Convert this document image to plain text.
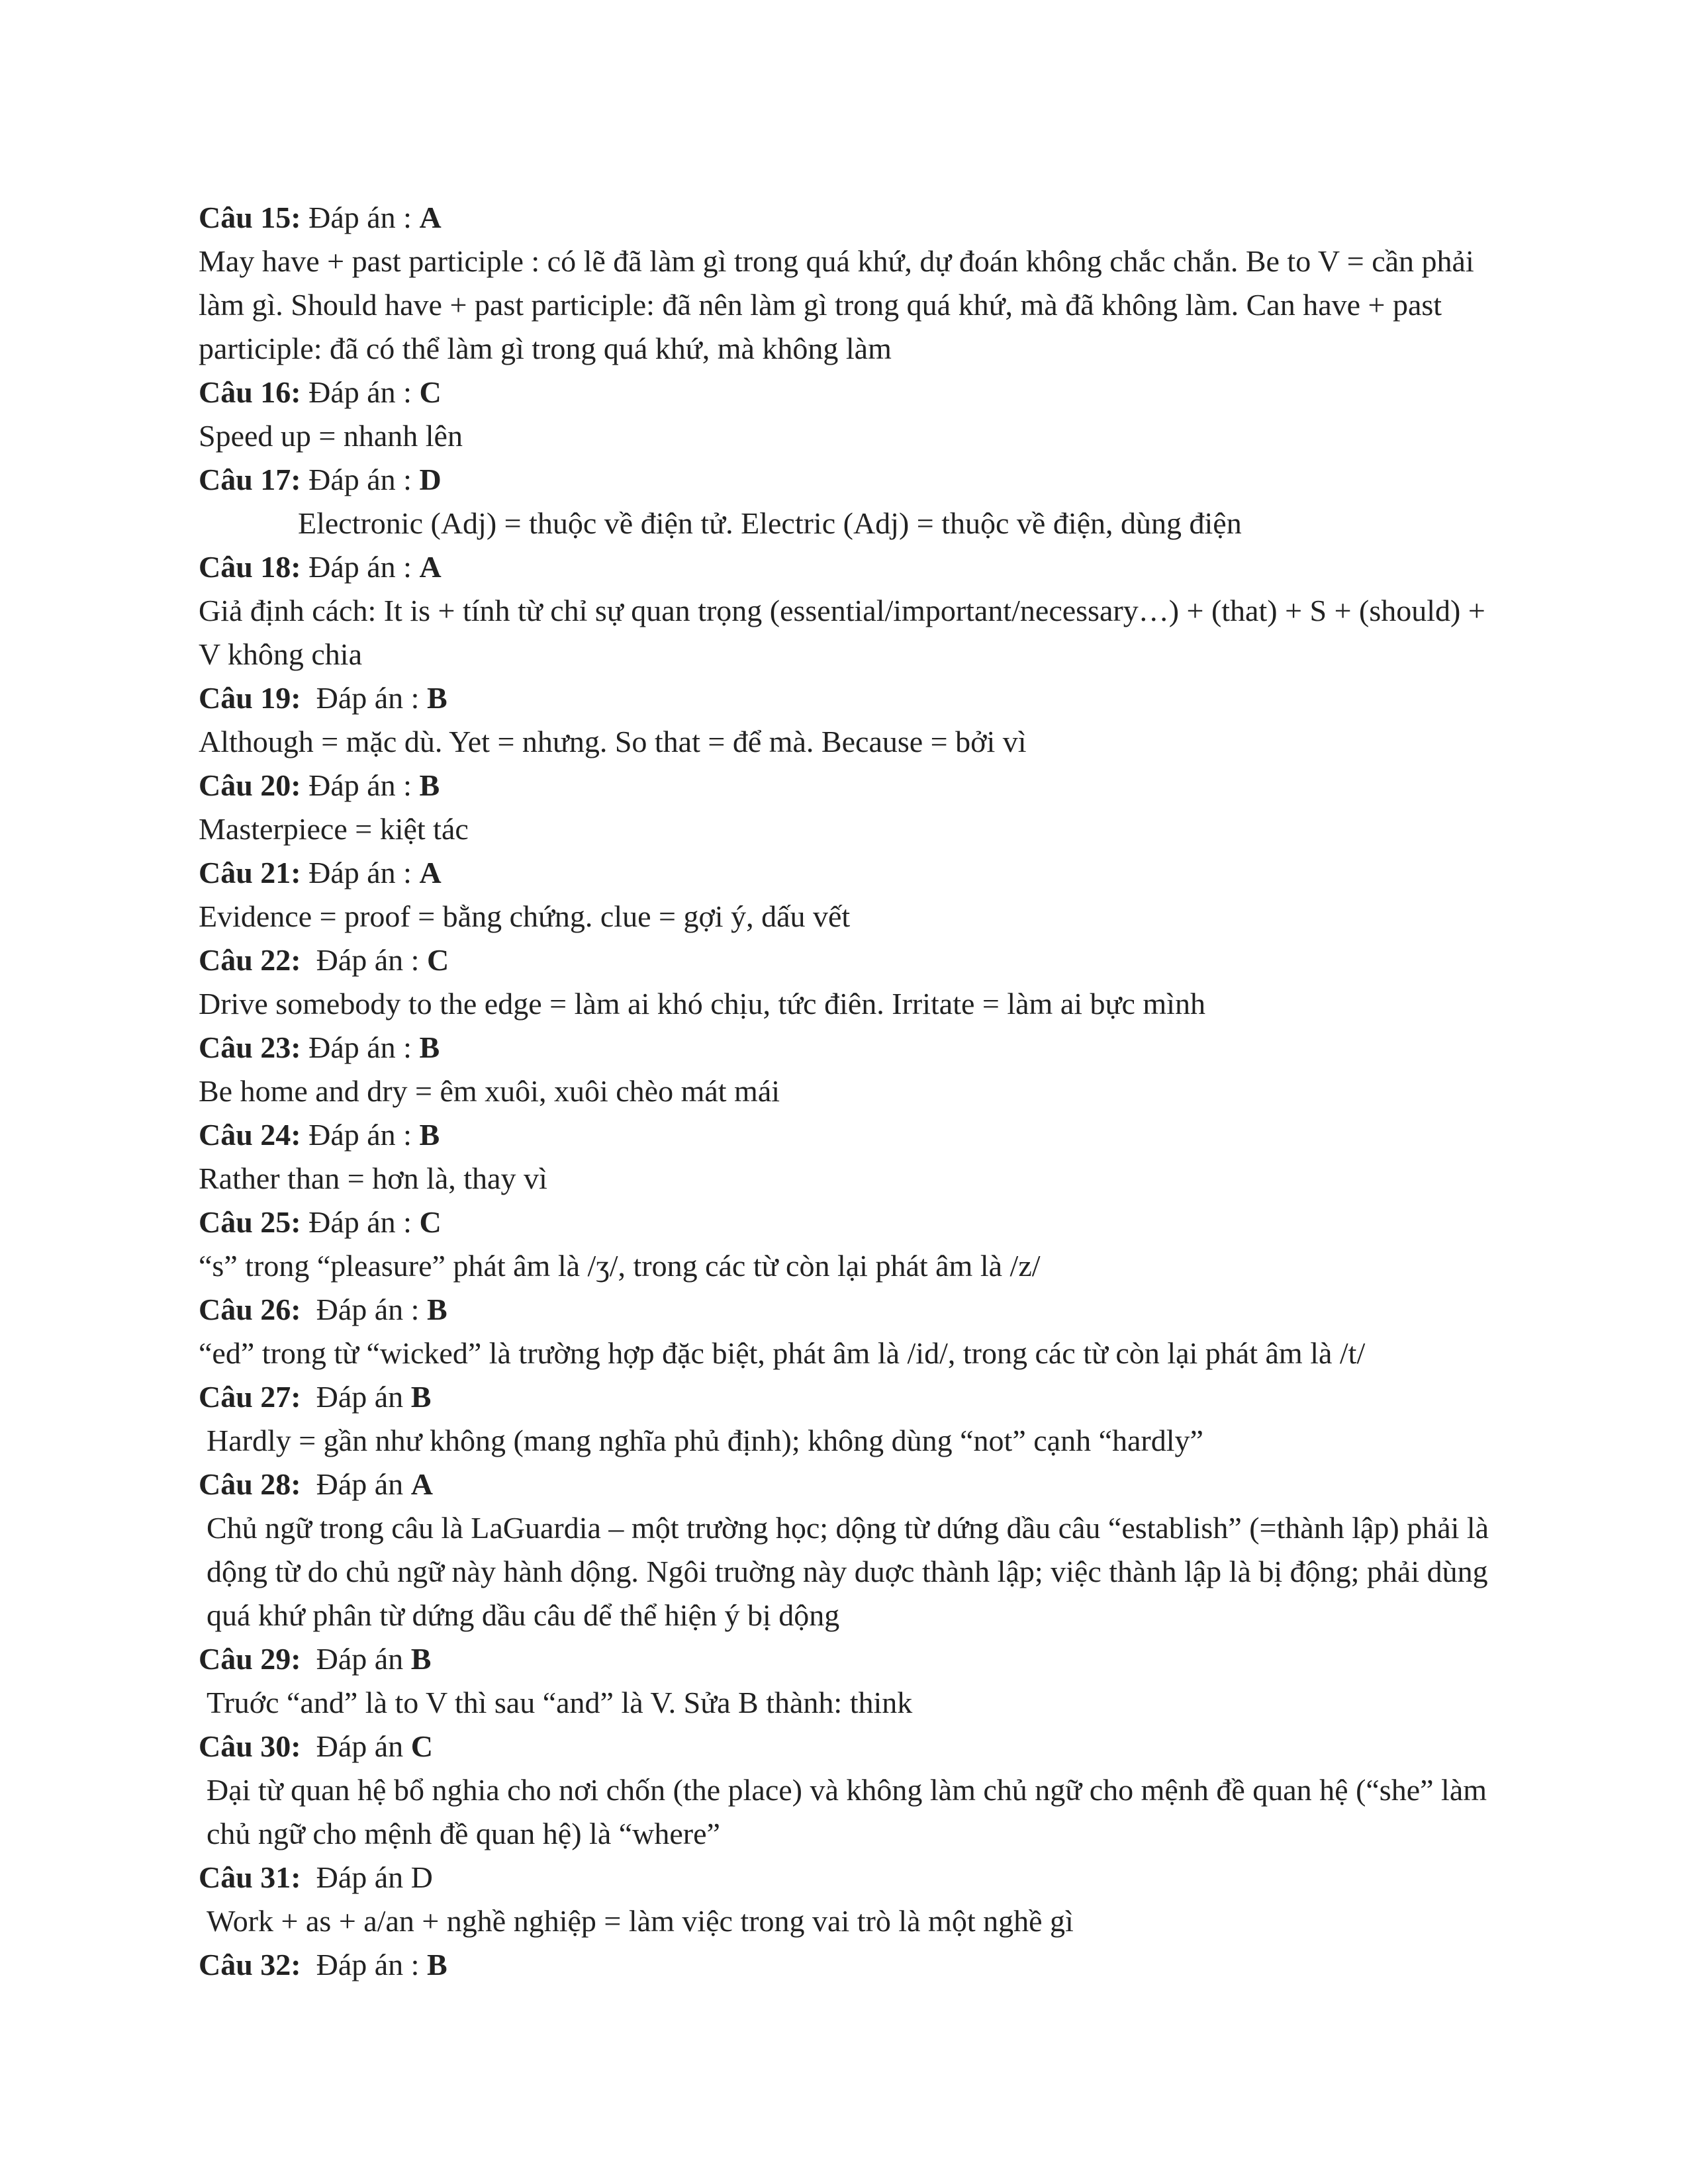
Câu 15: Đáp án : A
May have + past participle : có lẽ đã làm gì trong quá khứ, dự đoán không chắc chắn. Be to V = cần phải làm gì. Should have + past participle: đã nên làm gì trong quá khứ, mà đã không làm. Can have + past participle: đã có thể làm gì trong quá khứ, mà không làm
Câu 16: Đáp án : C
Speed up = nhanh lên
Câu 17: Đáp án : D
Electronic (Adj) = thuộc về điện tử. Electric (Adj) = thuộc về điện, dùng điện
Câu 18: Đáp án : A
Giả định cách: It is + tính từ chỉ sự quan trọng (essential/important/necessary…) + (that) + S + (should) + V không chia
Câu 19:  Đáp án : B
Although = mặc dù. Yet = nhưng. So that = để mà. Because = bởi vì
Câu 20: Đáp án : B
Masterpiece = kiệt tác
Câu 21: Đáp án : A
Evidence = proof = bằng chứng. clue = gợi ý, dấu vết
Câu 22:  Đáp án : C
Drive somebody to the edge = làm ai khó chịu, tức điên. Irritate = làm ai bực mình
Câu 23: Đáp án : B
Be home and dry = êm xuôi, xuôi chèo mát mái
Câu 24: Đáp án : B
Rather than = hơn là, thay vì
Câu 25: Đáp án : C
“s” trong “pleasure” phát âm là /ʒ/, trong các từ còn lại phát âm là /z/
Câu 26:  Đáp án : B
“ed” trong từ “wicked” là trường hợp đặc biệt, phát âm là /id/, trong các từ còn lại phát âm là /t/
Câu 27:  Đáp án B
Hardly = gần như không (mang nghĩa phủ định); không dùng “not” cạnh “hardly”
Câu 28:  Đáp án A
Chủ ngữ trong câu là LaGuardia – một trường học; dộng từ dứng dầu câu “establish” (=thành lập) phải là dộng từ do chủ ngữ này hành dộng. Ngôi truờng này duợc thành lập; việc thành lập là bị động; phải dùng quá khứ phân từ dứng dầu câu dể thể hiện ý bị dộng
Câu 29:  Đáp án B
Truớc “and” là to V thì sau “and” là V. Sửa B thành: think
Câu 30:  Đáp án C
Đại từ quan hệ bổ nghia cho nơi chốn (the place) và không làm chủ ngữ cho mệnh đề quan hệ (“she” làm chủ ngữ cho mệnh đề quan hệ) là “where”
Câu 31:  Đáp án D
Work + as + a/an + nghề nghiệp = làm việc trong vai trò là một nghề gì
Câu 32:  Đáp án : B
